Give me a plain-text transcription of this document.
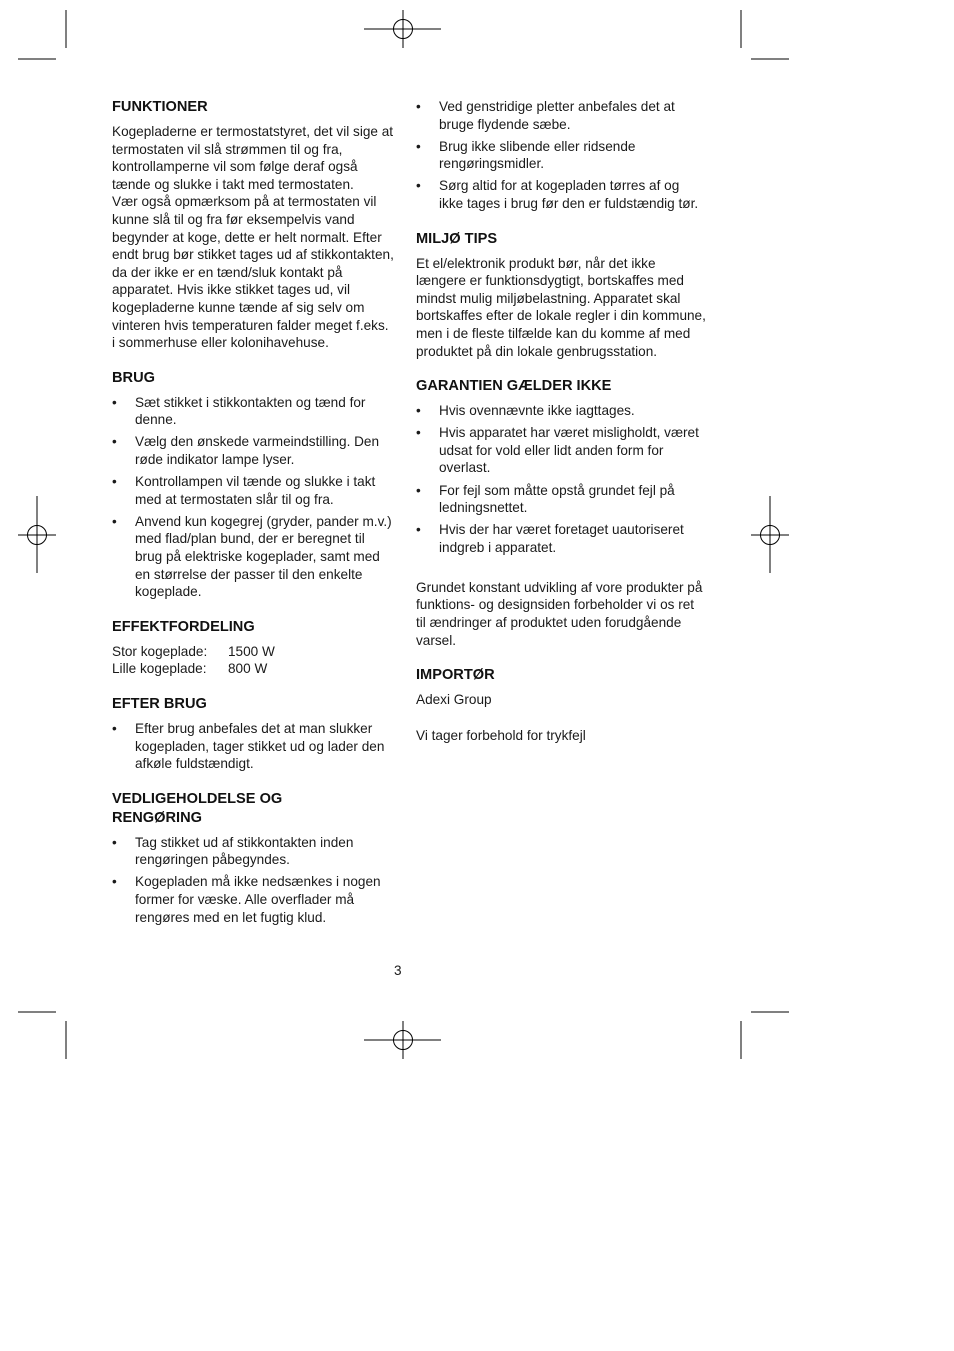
FUNKTIONER

Kogepladerne er termostatstyret, det vil sige at termostaten vil slå strømmen til og fra, kontrollamperne vil som følge deraf også tænde og slukke i takt med termostaten.

Vær også opmærksom på at termostaten vil kunne slå til og fra før eksempelvis vand begynder at koge, dette er helt normalt. Efter endt brug bør stikket tages ud af stikkontakten, da der ikke er en tænd/sluk kontakt på apparatet. Hvis ikke stikket tages ud, vil kogepladerne kunne tænde af sig selv om vinteren hvis temperaturen falder meget f.eks. i sommerhuse eller kolonihavehuse.

BRUG
• Sæt stikket i stikkontakten og tænd for denne.
• Vælg den ønskede varmeindstilling. Den røde indikator lampe lyser.
• Kontrollampen vil tænde og slukke i takt med at termostaten slår til og fra.
• Anvend kun kogegrej (gryder, pander m.v.) med flad/plan bund, der er beregnet til brug på elektriske kogeplader, samt med en størrelse der passer til den enkelte kogeplade.
EFFEKTFORDELING
Stor kogeplade:	1500 W
Lille kogeplade:	800 W
EFTER BRUG
• Efter brug anbefales det at man slukker kogepladen, tager stikket ud og lader den afkøle fuldstændigt.
VEDLIGEHOLDELSE OG
RENGØRING
• Tag stikket ud af stikkontakten inden rengøringen påbegyndes.
• Kogepladen må ikke nedsænkes i nogen former for væske. Alle overflader må rengøres med en let fugtig klud.
• Ved genstridige pletter anbefales det at bruge flydende sæbe.
• Brug ikke slibende eller ridsende rengøringsmidler.
• Sørg altid for at kogepladen tørres af og ikke tages i brug før den er fuldstændig tør.
MILJØ TIPS

Et el/elektronik produkt bør, når det ikke længere er funktionsdygtigt, bortskaffes med mindst mulig miljøbelastning. Apparatet skal bortskaffes efter de lokale regler i din kommune, men i de fleste tilfælde kan du komme af med produktet på din lokale genbrugsstation.

GARANTIEN GÆLDER IKKE
• Hvis ovennævnte ikke iagttages.
• Hvis apparatet har været misligholdt, været udsat for vold eller lidt anden form for overlast.
• For fejl som måtte opstå grundet fejl på ledningsnettet.
• Hvis der har været foretaget uautoriseret indgreb i apparatet.

Grundet konstant udvikling af vore produkter på funktions- og designsiden forbeholder vi os ret til ændringer af produktet uden forudgående varsel.

IMPORTØR

Adexi Group

Vi tager forbehold for trykfejl

3
